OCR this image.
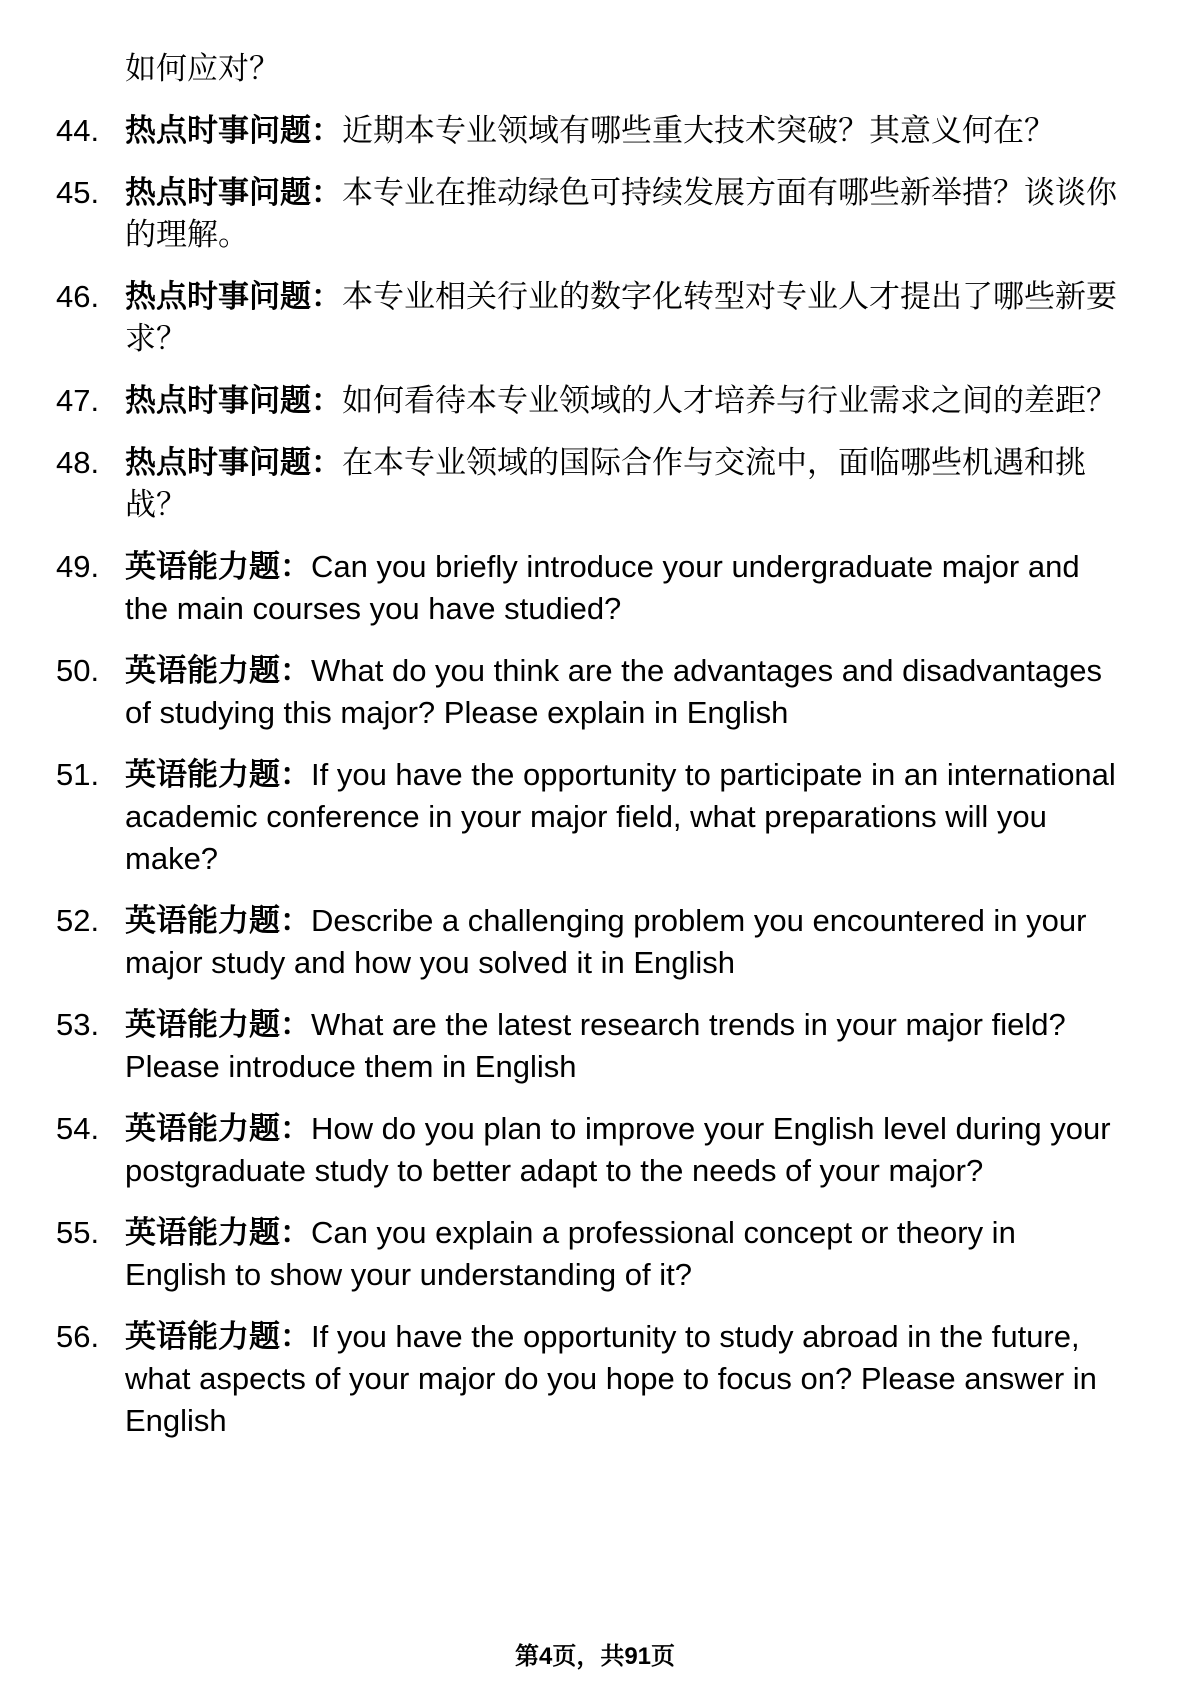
如何应对？
44. 热点时事问题：近期本专业领域有哪些重大技术突破？其意义何在？
45. 热点时事问题：本专业在推动绿色可持续发展方面有哪些新举措？谈谈你的理解。
46. 热点时事问题：本专业相关行业的数字化转型对专业人才提出了哪些新要求？
47. 热点时事问题：如何看待本专业领域的人才培养与行业需求之间的差距？
48. 热点时事问题：在本专业领域的国际合作与交流中，面临哪些机遇和挑战？
49. 英语能力题：Can you briefly introduce your undergraduate major and the main courses you have studied?
50. 英语能力题：What do you think are the advantages and disadvantages of studying this major? Please explain in English
51. 英语能力题：If you have the opportunity to participate in an international academic conference in your major field, what preparations will you make?
52. 英语能力题：Describe a challenging problem you encountered in your major study and how you solved it in English
53. 英语能力题：What are the latest research trends in your major field? Please introduce them in English
54. 英语能力题：How do you plan to improve your English level during your postgraduate study to better adapt to the needs of your major?
55. 英语能力题：Can you explain a professional concept or theory in English to show your understanding of it?
56. 英语能力题：If you have the opportunity to study abroad in the future, what aspects of your major do you hope to focus on? Please answer in English
第4页，共91页
